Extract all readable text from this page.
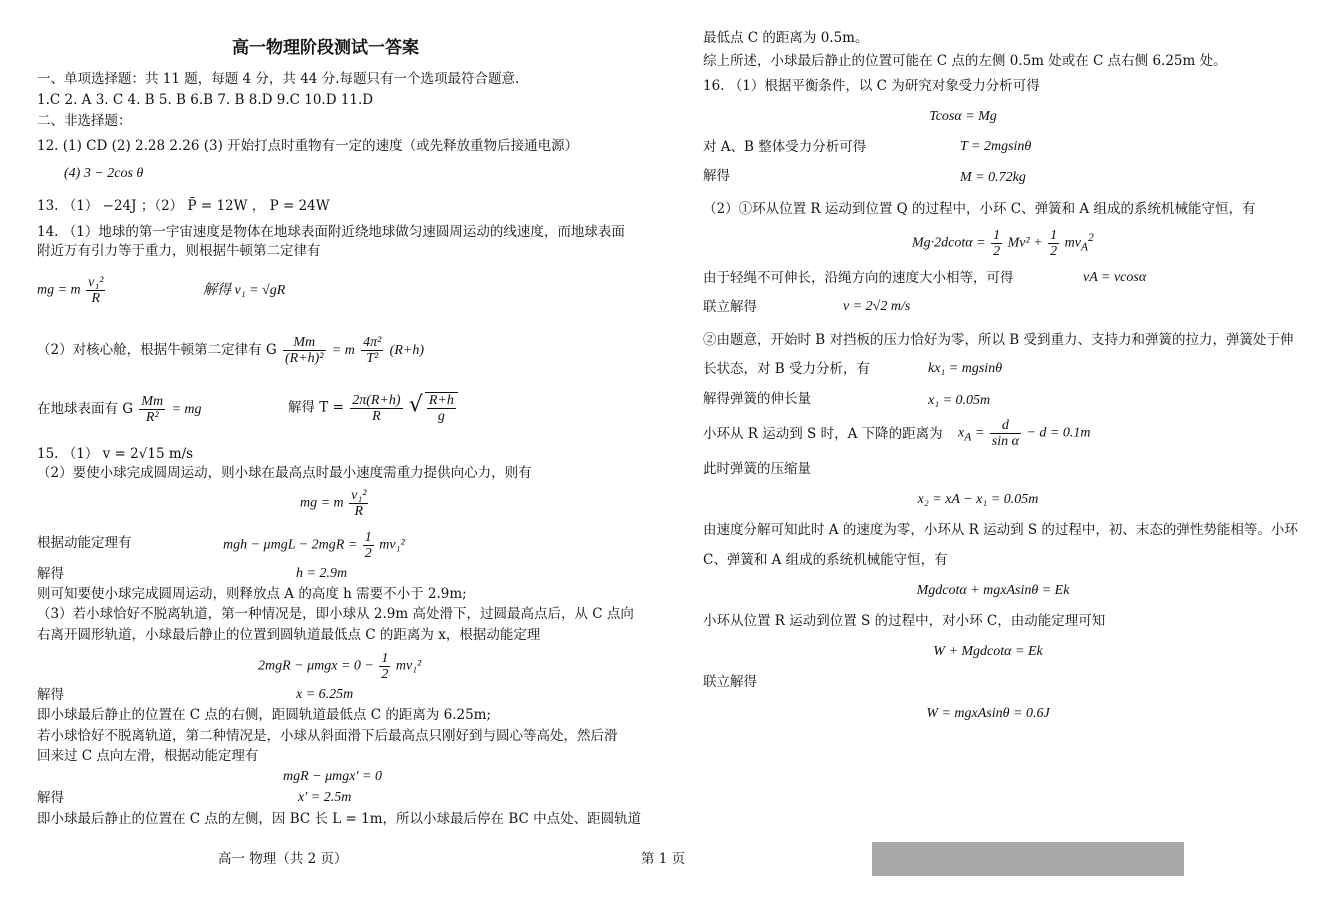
高一物理阶段测试一答案
一、单项选择题：共 11 题，每题 4 分，共 44 分.每题只有一个选项最符合题意.
1.C 2. A 3. C 4. B 5. B 6.B 7. B 8.D 9.C 10.D 11.D
二、非选择题：
12. (1) CD (2) 2.28 2.26 (3) 开始打点时重物有一定的速度（或先释放重物后接通电源）
(4) 3 − 2cos θ
13. （1） −24J ；（2） P̄ = 12W ， P = 24W
14. （1）地球的第一宇宙速度是物体在地球表面附近绕地球做匀速圆周运动的线速度，而地球表面
附近万有引力等于重力，则根据牛顿第二定律有
mg = m $\frac{\text{v₁²}}{R}$	解得 v₁ = √gR
（2）对核心舱，根据牛顿第二定律有 G $\frac{Mm}{\text{(R+h)²}} = m \frac{\text{4π²}}{\text{T²}} (R+h)$
在地球表面有 G $\frac{Mm}{\text{R²}}$ = mg	解得 $T = \frac{2\pi(R+h)}{R}$ √ $\frac{R+h}{g}$
15. （1） v = 2√15 m/s
（2）要使小球完成圆周运动，则小球在最高点时最小速度需重力提供向心力，则有
mg = m $\frac{\text{v₁²}}{R}$
根据动能定理有	mgh − $\mu mgL - 2mgR = \frac{1}{2} mv_1^2$
解得	h = 2.9m
则可知要使小球完成圆周运动，则释放点 A 的高度 h 需要不小于 2.9m;
（3）若小球恰好不脱离轨道，第一种情况是，即小球从 2.9m 高处滑下，过圆最高点后，从 C 点向
右离开圆形轨道，小球最后静止的位置到圆轨道最低点 C 的距离为 x，根据动能定理
$2mgR - \mu mgx = 0 - \frac{1}{2} mv_1^2$
解得	x = 6.25m
即小球最后静止的位置在 C 点的右侧，距圆轨道最低点 C 的距离为 6.25m;
若小球恰好不脱离轨道，第二种情况是，小球从斜面滑下后最高点只刚好到与圆心等高处，然后滑
回来过 C 点向左滑，根据动能定理有
mgR − μmgx′ = 0
解得	x′ = 2.5m
即小球最后静止的位置在 C 点的左侧，因 BC 长 L = 1m，所以小球最后停在 BC 中点处、距圆轨道
高一 物理（共 2 页）	第 1 页
最低点 C 的距离为 0.5m。
综上所述，小球最后静止的位置可能在 C 点的左侧 0.5m 处或在 C 点右侧 6.25m 处。
16. （1）根据平衡条件，以 C 为研究对象受力分析可得
Tcosα = Mg
对 A、B 整体受力分析可得	T = 2mgsinθ
解得	M = 0.72kg
（2）①环从位置 R 运动到位置 Q 的过程中，小环 C、弹簧和 A 组成的系统机械能守恒，有
$Mg\cdot 2dcot\alpha = \frac{1}{2} Mv^2 + \frac{1}{2} mv_A^2$
由于轻绳不可伸长，沿绳方向的速度大小相等，可得	vA = vcosα
联立解得	v = 2√2 m/s
②由题意，开始时 B 对挡板的压力恰好为零，所以 B 受到重力、支持力和弹簧的拉力，弹簧处于伸
长状态，对 B 受力分析，有	kx₁ = mgsinθ
解得弹簧的伸长量	x₁ = 0.05m
小环从 R 运动到 S 时，A 下降的距离为 $x_A = \frac{d}{\text{sin α}} - d = 0.1m$
此时弹簧的压缩量
x₂ = xA − x₁ = 0.05m
由速度分解可知此时 A 的速度为零，小环从 R 运动到 S 的过程中，初、末态的弹性势能相等。小环
C、弹簧和 A 组成的系统机械能守恒，有
Mgdcotα + mgxAsinθ = Ek
小环从位置 R 运动到位置 S 的过程中，对小环 C，由动能定理可知
W + Mgdcotα = Ek
联立解得
W = mgxAsinθ = 0.6J
